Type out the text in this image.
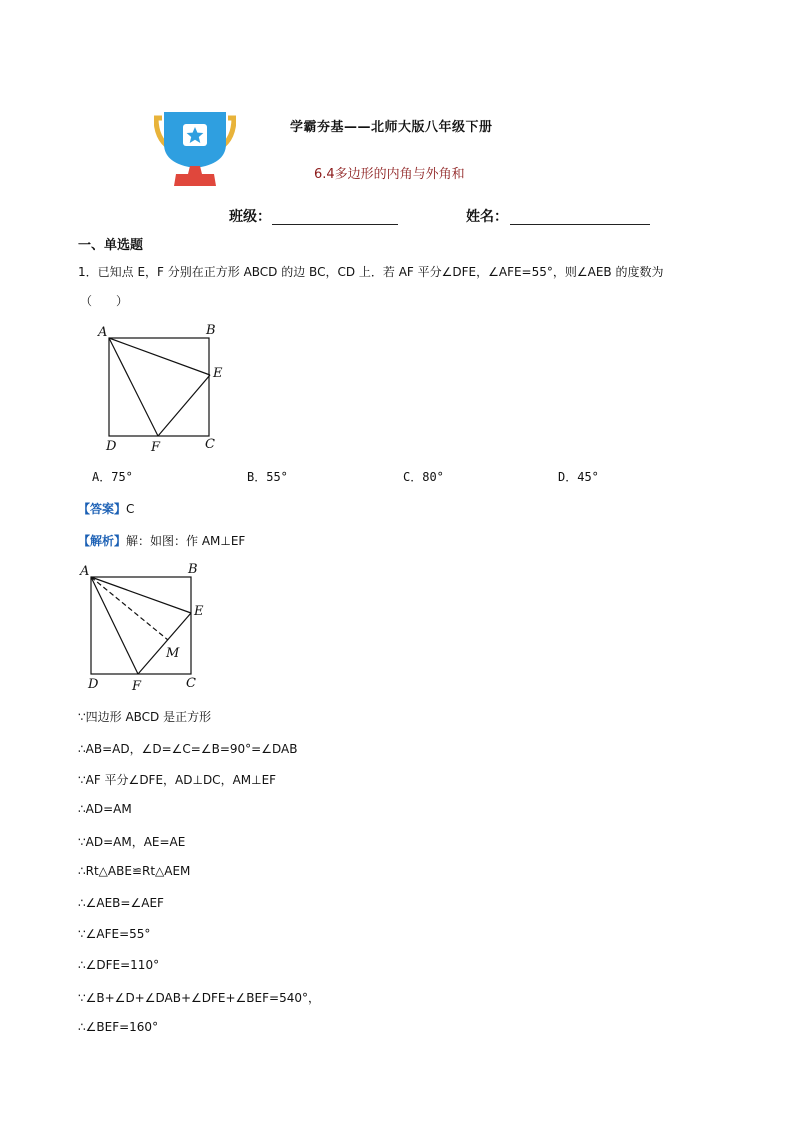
学霸夯基——北师大版八年级下册
6.4多边形的内角与外角和
班级：	姓名：
一、单选题
1．已知点 E，F 分别在正方形 ABCD 的边 BC，CD 上．若 AF 平分∠DFE，∠AFE=55°，则∠AEB 的度数为
（　　）
A	B
E
D	F	C
A．75°	B．55°	C．80°	D．45°
【答案】C
【解析】解：如图：作 AM⊥EF
A	B
E
M
D	F	C
∵四边形 ABCD 是正方形
∴AB=AD，∠D=∠C=∠B=90°=∠DAB
∵AF 平分∠DFE，AD⊥DC，AM⊥EF
∴AD=AM
∵AD=AM，AE=AE
∴Rt△ABE≌Rt△AEM
∴∠AEB=∠AEF
∵∠AFE=55°
∴∠DFE=110°
∵∠B+∠D+∠DAB+∠DFE+∠BEF=540°，
∴∠BEF=160°
